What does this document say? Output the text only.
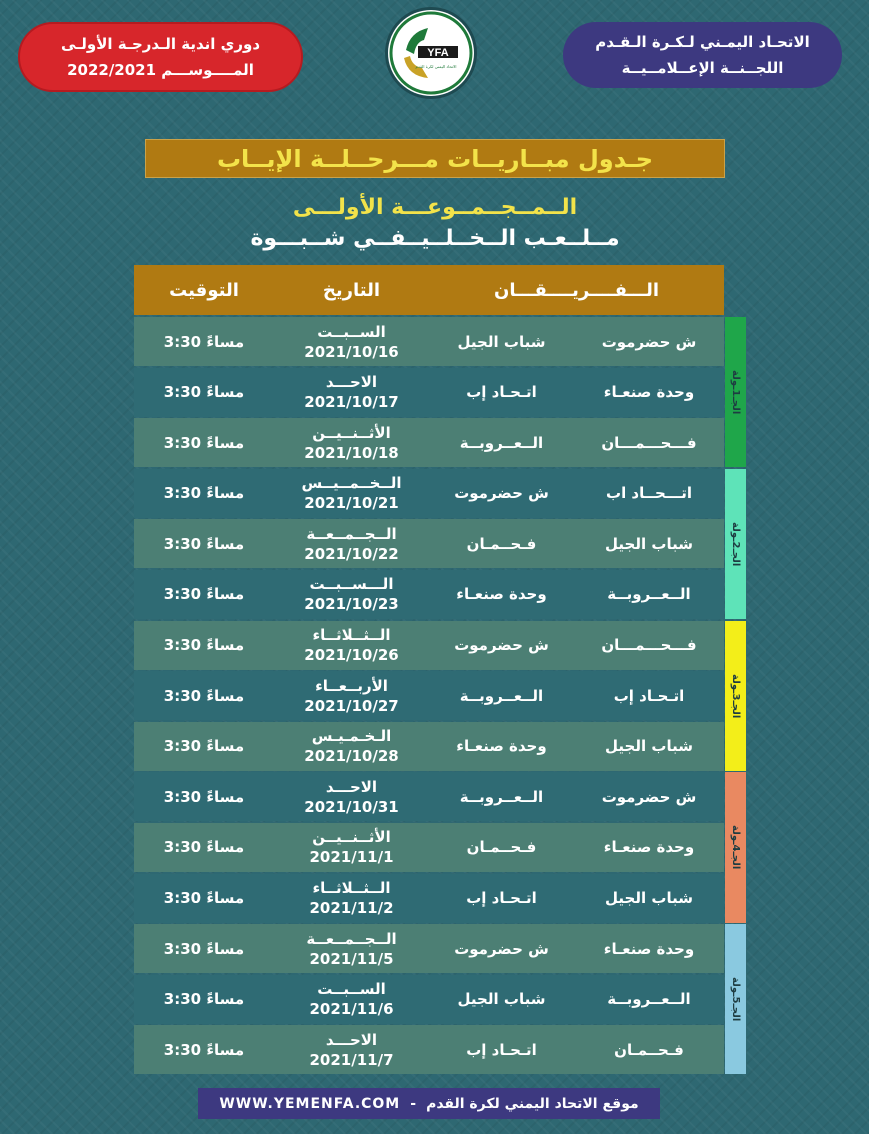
دوري اندية الـدرجـة الأولـى
المــــوســـم 2022/2021
YFA
الاتحاد اليمني لكرة القدم
الاتحـاد اليمـني لـكـرة الـقـدم
اللجــنــة الإعــلامــيــة
جـدول مبــاريــات مـــرحــلــة الإيــاب
الــمــجــمــوعـــة الأولـــى
مــلــعـب الــخــلــيــفــي شــبـــوة
الـــفــــريــــقـــان
التاريخ
التوقيت
ش حضرموت
شباب الجيل
الســبــت
2021/10/16
3:30 مساءً
وحدة صنعـاء
اتـحـاد إب
الاحـــد
2021/10/17
3:30 مساءً
فـــحـــمـــان
الــعــروبــة
الأثــنــيــن
2021/10/18
3:30 مساءً
اتـــحــاد اب
ش حضرموت
الــخــمــيــس
2021/10/21
3:30 مساءً
شباب الجيل
فـحــمـان
الــجــمــعــة
2021/10/22
3:30 مساءً
الــعــروبــة
وحدة صنعـاء
الـــســبــت
2021/10/23
3:30 مساءً
فـــحـــمـــان
ش حضرموت
الــثــلاثــاء
2021/10/26
3:30 مساءً
اتـحـاد إب
الــعــروبــة
الأربــعــاء
2021/10/27
3:30 مساءً
شباب الجيل
وحدة صنعـاء
الـخـمـيـس
2021/10/28
3:30 مساءً
ش حضرموت
الــعــروبــة
الاحـــد
2021/10/31
3:30 مساءً
وحدة صنعـاء
فـحــمـان
الأثــنــيــن
2021/11/1
3:30 مساءً
شباب الجيل
اتـحـاد إب
الــثــلاثــاء
2021/11/2
3:30 مساءً
وحدة صنعـاء
ش حضرموت
الــجــمــعــة
2021/11/5
3:30 مساءً
الــعــروبــة
شباب الجيل
الســبــت
2021/11/6
3:30 مساءً
فـحــمـان
اتـحـاد إب
الاحـــد
2021/11/7
3:30 مساءً
الجـ1ـولة
الجـ2ـولة
الجـ3ـولة
الجـ4ـولة
الجـ5ـولة
WWW.YEMENFA.COM - موقع الاتحاد اليمني لكرة القدم
